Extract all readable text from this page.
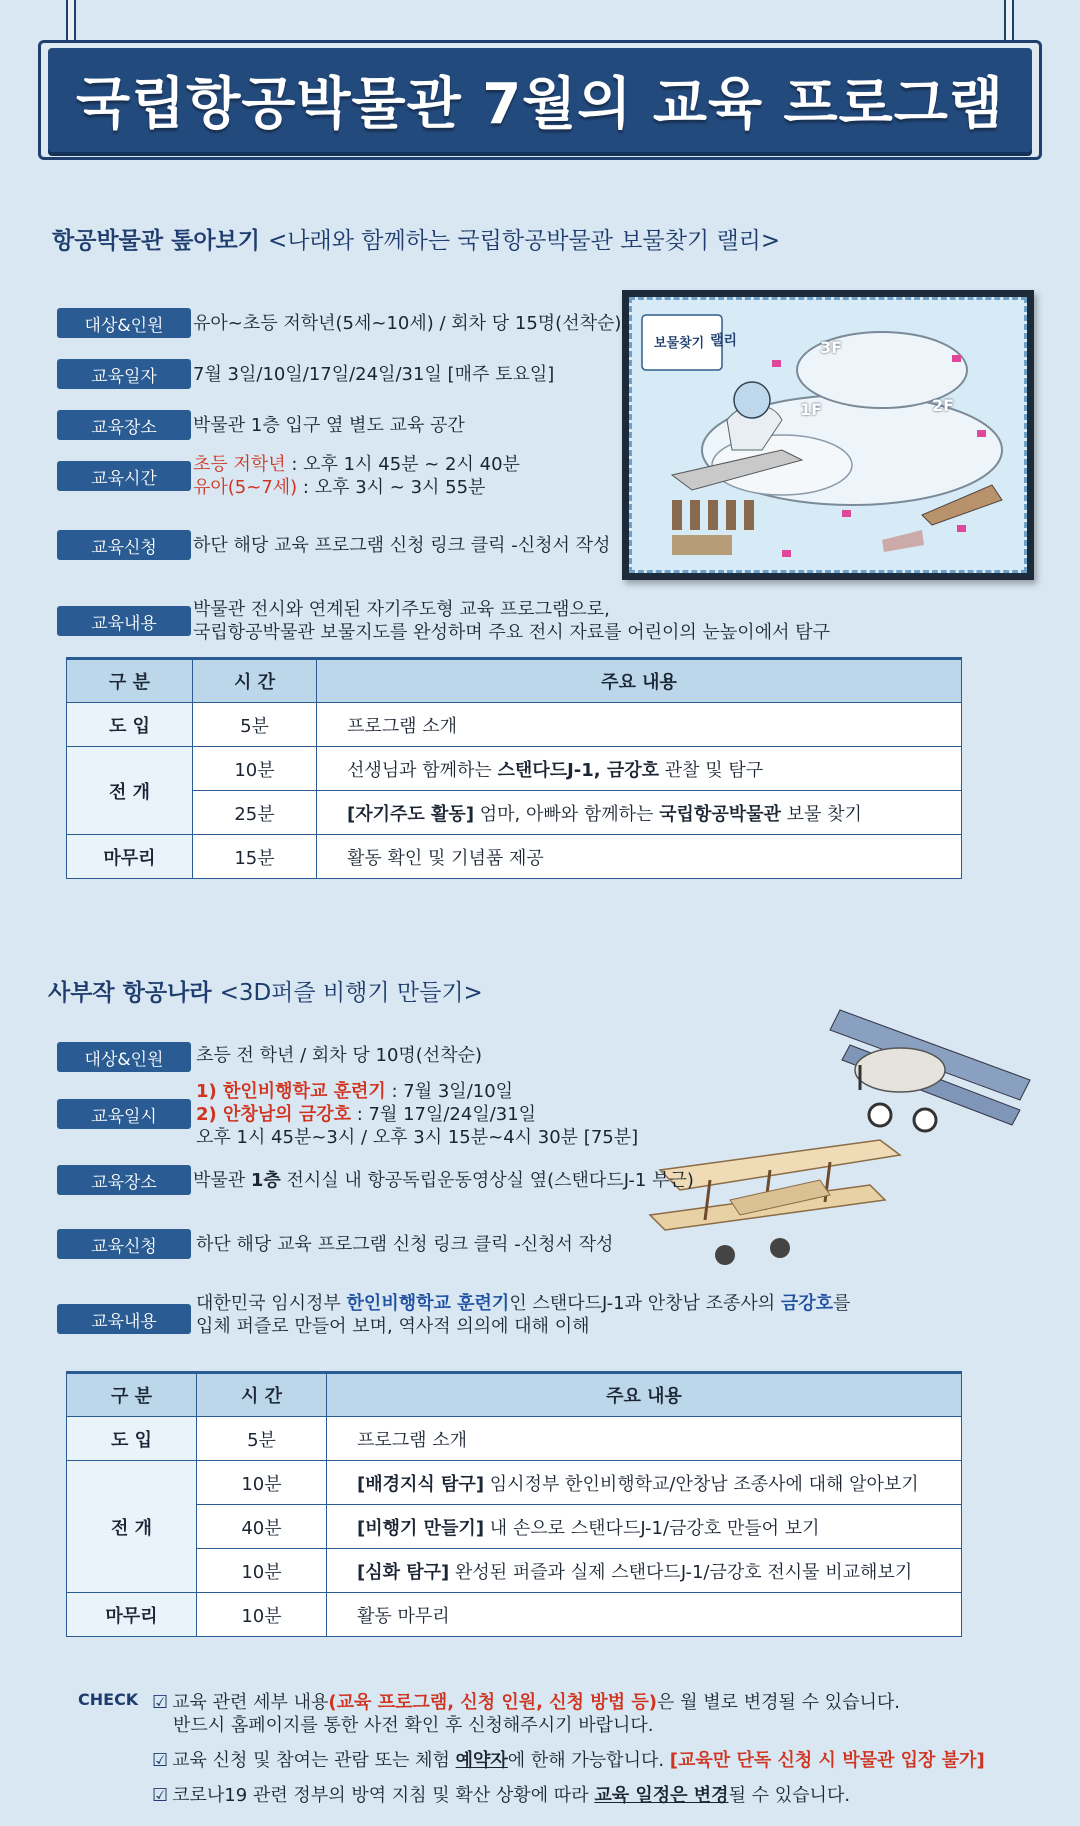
국립항공박물관 7월의 교육 프로그램
항공박물관 톺아보기 <나래와 함께하는 국립항공박물관 보물찾기 랠리>
대상&인원	유아~초등 저학년(5세~10세) / 회차 당 15명(선착순)
교육일자	7월 3일/10일/17일/24일/31일 [매주 토요일]
교육장소	박물관 1층 입구 옆 별도 교육 공간
교육시간
초등 저학년 : 오후 1시 45분 ~ 2시 40분
유아(5~7세) : 오후 3시 ~ 3시 55분
교육신청	하단 해당 교육 프로그램 신청 링크 클릭 -신청서 작성
교육내용
박물관 전시와 연계된 자기주도형 교육 프로그램으로,
국립항공박물관 보물지도를 완성하며 주요 전시 자료를 어린이의 눈높이에서 탐구
보물찾기 랠리	3F
2F
1F
구 분	시 간	주요 내용
도 입	5분	프로그램 소개
전 개	10분	선생님과 함께하는 스탠다드J-1, 금강호 관찰 및 탐구
	25분	[자기주도 활동] 엄마, 아빠와 함께하는 국립항공박물관 보물 찾기
마무리	15분	활동 확인 및 기념품 제공
사부작 항공나라 <3D퍼즐 비행기 만들기>
대상&인원	초등 전 학년 / 회차 당 10명(선착순)
교육일시
1) 한인비행학교 훈련기 : 7월 3일/10일
2) 안창남의 금강호 : 7월 17일/24일/31일
오후 1시 45분~3시 / 오후 3시 15분~4시 30분 [75분]
교육장소	박물관 1층 전시실 내 항공독립운동영상실 옆(스탠다드J-1 부근)
교육신청	하단 해당 교육 프로그램 신청 링크 클릭 -신청서 작성
교육내용
대한민국 임시정부 한인비행학교 훈련기인 스탠다드J-1과 안창남 조종사의 금강호를
입체 퍼즐로 만들어 보며, 역사적 의의에 대해 이해
구 분	시 간	주요 내용
도 입	5분	프로그램 소개
전 개	10분	[배경지식 탐구] 임시정부 한인비행학교/안창남 조종사에 대해 알아보기
	40분	[비행기 만들기] 내 손으로 스탠다드J-1/금강호 만들어 보기
	10분	[심화 탐구] 완성된 퍼즐과 실제 스탠다드J-1/금강호 전시물 비교해보기
마무리	10분	활동 마무리
CHECK ☑ 교육 관련 세부 내용(교육 프로그램, 신청 인원, 신청 방법 등)은 월 별로 변경될 수 있습니다.
반드시 홈페이지를 통한 사전 확인 후 신청해주시기 바랍니다.
☑ 교육 신청 및 참여는 관람 또는 체험 예약자에 한해 가능합니다. [교육만 단독 신청 시 박물관 입장 불가]
☑ 코로나19 관련 정부의 방역 지침 및 확산 상황에 따라 교육 일정은 변경될 수 있습니다.
